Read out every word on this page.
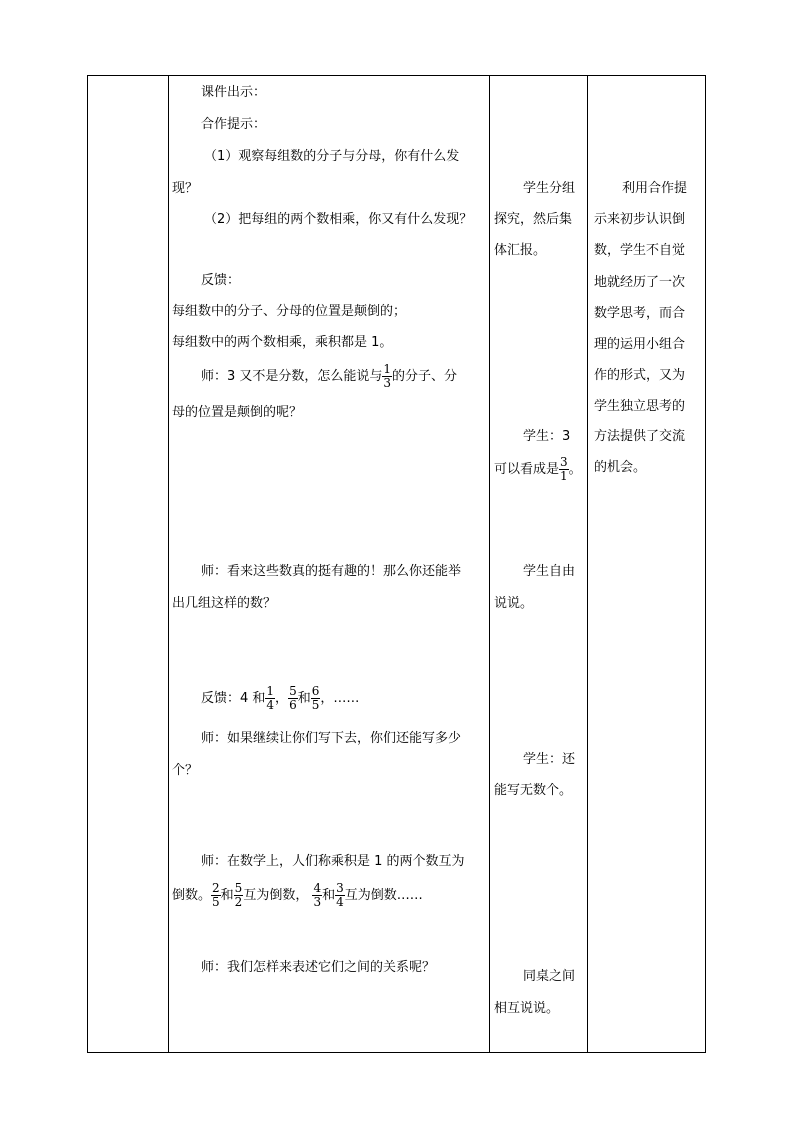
课件出示：
合作提示：
（1）观察每组数的分子与分母，你有什么发
现？
（2）把每组的两个数相乘，你又有什么发现？
反馈：
每组数中的分子、分母的位置是颠倒的；
每组数中的两个数相乘，乘积都是 1。
师：3 又不是分数，怎么能说与 $\frac{1}{3}$ 的分子、分
母的位置是颠倒的呢？
师：看来这些数真的挺有趣的！那么你还能举
出几组这样的数？
反馈：4 和 $\frac{1}{4}$ ， $\frac{5}{6}$ 和 $\frac{6}{5}$ ，……
师：如果继续让你们写下去，你们还能写多少
个？
师：在数学上，人们称乘积是 1 的两个数互为
倒数。 $\frac{2}{5}$ 和 $\frac{5}{2}$ 互为倒数， $\frac{4}{3}$ 和 $\frac{3}{4}$ 互为倒数……
师：我们怎样来表述它们之间的关系呢？
学生分组
探究，然后集
体汇报。
学生：3
可以看成是 $\frac{3}{1}$ 。
学生自由
说说。
学生：还
能写无数个。
同桌之间
相互说说。
利用合作提
示来初步认识倒
数，学生不自觉
地就经历了一次
数学思考，而合
理的运用小组合
作的形式，又为
学生独立思考的
方法提供了交流
的机会。
